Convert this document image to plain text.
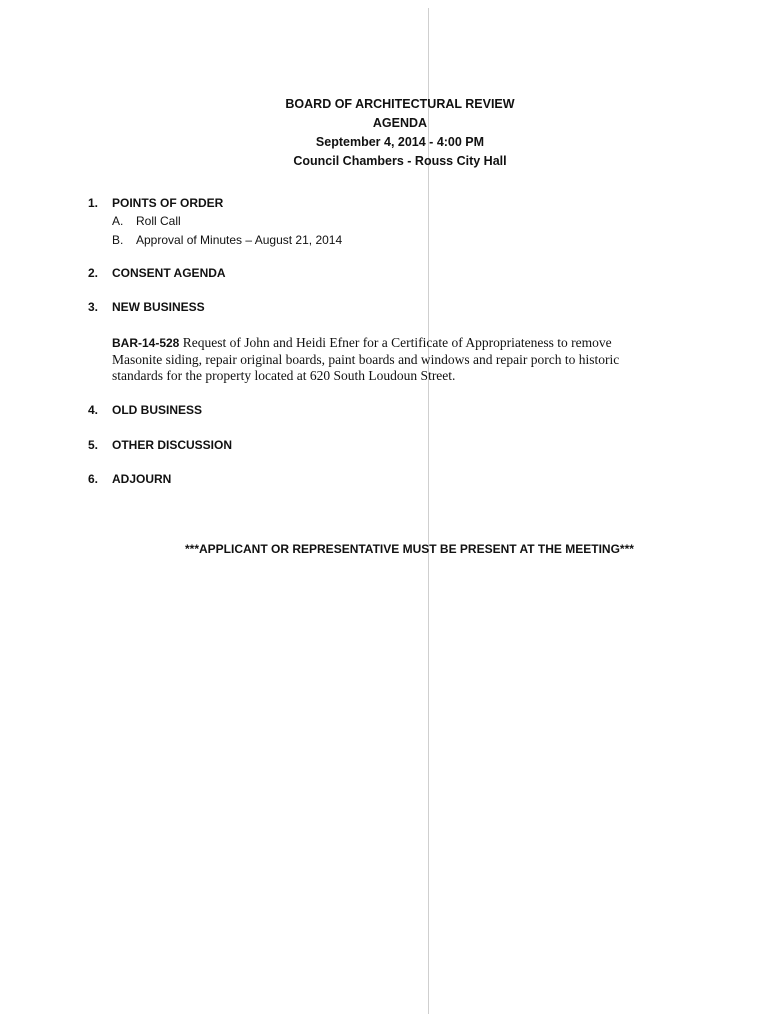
BOARD OF ARCHITECTURAL REVIEW
AGENDA
September 4, 2014 - 4:00 PM
Council Chambers - Rouss City Hall
1. POINTS OF ORDER
A. Roll Call
B. Approval of Minutes – August 21, 2014
2. CONSENT AGENDA
3. NEW BUSINESS
BAR-14-528 Request of John and Heidi Efner for a Certificate of Appropriateness to remove Masonite siding, repair original boards, paint boards and windows and repair porch to historic standards for the property located at 620 South Loudoun Street.
4. OLD BUSINESS
5. OTHER DISCUSSION
6. ADJOURN
***APPLICANT OR REPRESENTATIVE MUST BE PRESENT AT THE MEETING***
